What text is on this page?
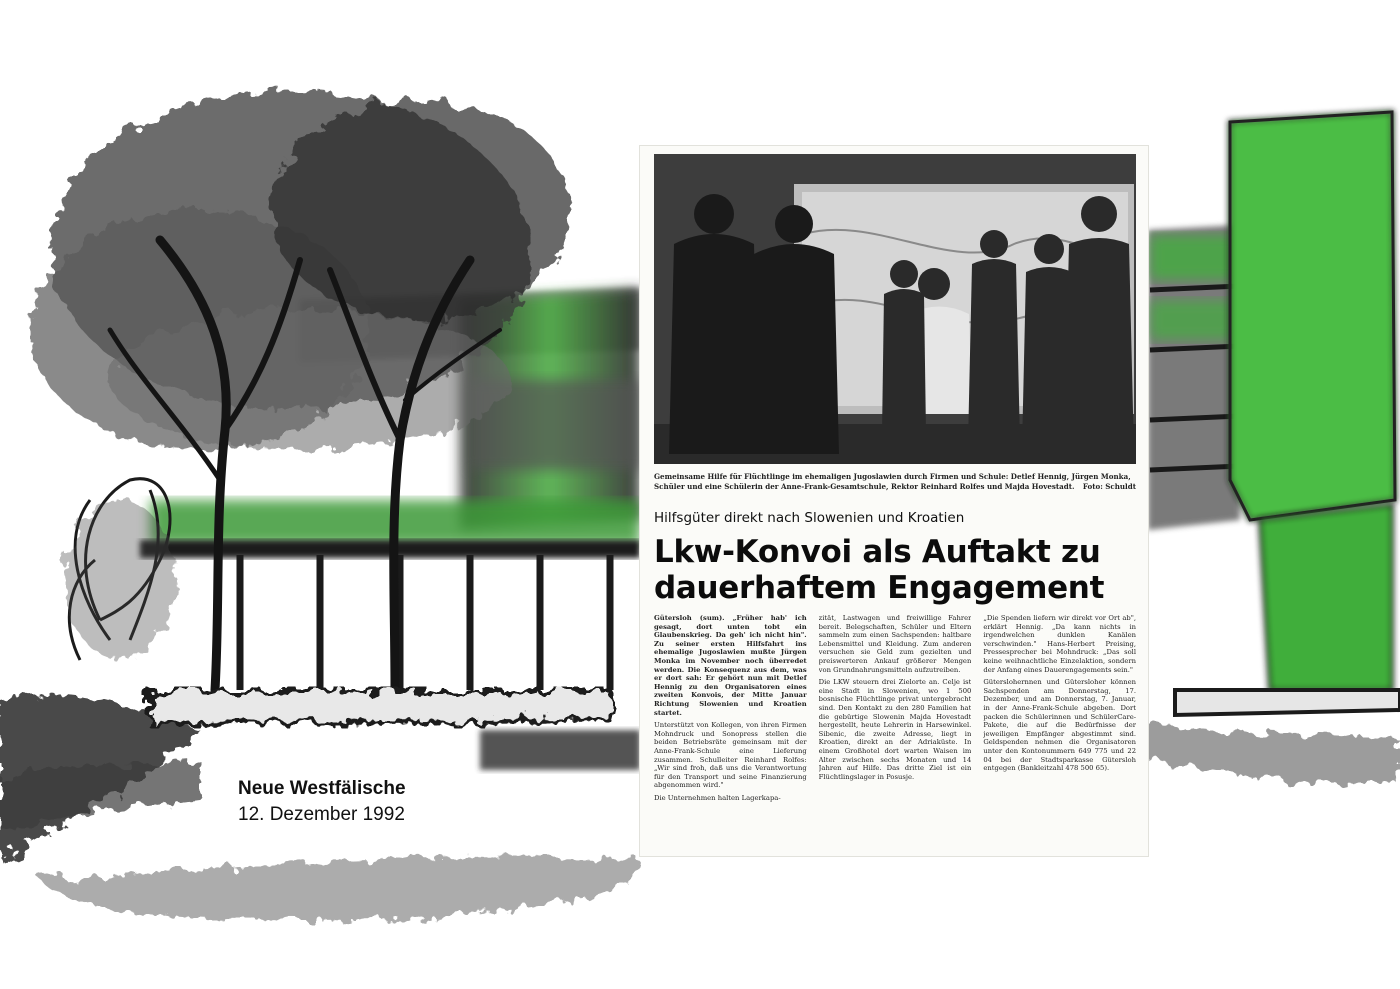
Neue Westfälische
12. Dezember 1992
Gemeinsame Hilfe für Flüchtlinge im ehemaligen Jugoslawien durch Firmen und Schule: Detlef Hennig, Jürgen Monka, Schüler und eine Schülerin der Anne-Frank-Gesamtschule, Rektor Reinhard Rolfes und Majda Hovestadt. Foto: Schuldt
Hilfsgüter direkt nach Slowenien und Kroatien
Lkw-Konvoi als Auftakt zu
dauerhaftem Engagement

Gütersloh (sum). „Früher hab' ich gesagt, dort unten tobt ein Glaubenskrieg. Da geh' ich nicht hin". Zu seiner ersten Hilfsfahrt ins ehemalige Jugoslawien mußte Jürgen Monka im November noch überredet werden. Die Konsequenz aus dem, was er dort sah: Er gehört nun mit Detlef Hennig zu den Organisatoren eines zweiten Konvois, der Mitte Januar Richtung Slowenien und Kroatien startet.

Unterstützt von Kollegen, von ihren Firmen Mohndruck und Sonopress stellen die beiden Betriebsräte gemeinsam mit der Anne-Frank-Schule eine Lieferung zusammen. Schulleiter Reinhard Rolfes: „Wir sind froh, daß uns die Verantwortung für den Transport und seine Finanzierung abgenommen wird."

Die Unternehmen halten Lagerkapa-

zität, Lastwagen und freiwillige Fahrer bereit. Belegschaften, Schüler und Eltern sammeln zum einen Sachspenden: haltbare Lebensmittel und Kleidung. Zum anderen versuchen sie Geld zum gezielten und preiswerteren Ankauf größerer Mengen von Grundnahrungsmitteln aufzutreiben.

Die LKW steuern drei Zielorte an. Celje ist eine Stadt in Slowenien, wo 1 500 bosnische Flüchtlinge privat untergebracht sind. Den Kontakt zu den 280 Familien hat die gebürtige Slowenin Majda Hovestadt hergestellt, heute Lehrerin in Harsewinkel. Sibenic, die zweite Adresse, liegt in Kroatien, direkt an der Adriaküste. In einem Großhotel dort warten Waisen im Alter zwischen sechs Monaten und 14 Jahren auf Hilfe. Das dritte Ziel ist ein Flüchtlingslager in Posusje.

„Die Spenden liefern wir direkt vor Ort ab", erklärt Hennig. „Da kann nichts in irgendwelchen dunklen Kanälen verschwinden." Hans-Herbert Preising, Pressesprecher bei Mohndruck: „Das soll keine weihnachtliche Einzelaktion, sondern der Anfang eines Dauerengagements sein."

Güterslohernnen und Gütersloher können Sachspenden am Donnerstag, 17. Dezember, und am Donnerstag, 7. Januar, in der Anne-Frank-Schule abgeben. Dort packen die Schülerinnen und SchülerCare-Pakete, die auf die Bedürfnisse der jeweiligen Empfänger abgestimmt sind. Geldspenden nehmen die Organisatoren unter den Kontonummern 649 775 und 22 04 bei der Stadtsparkasse Gütersloh entgegen (Bankleitzahl 478 500 65).
